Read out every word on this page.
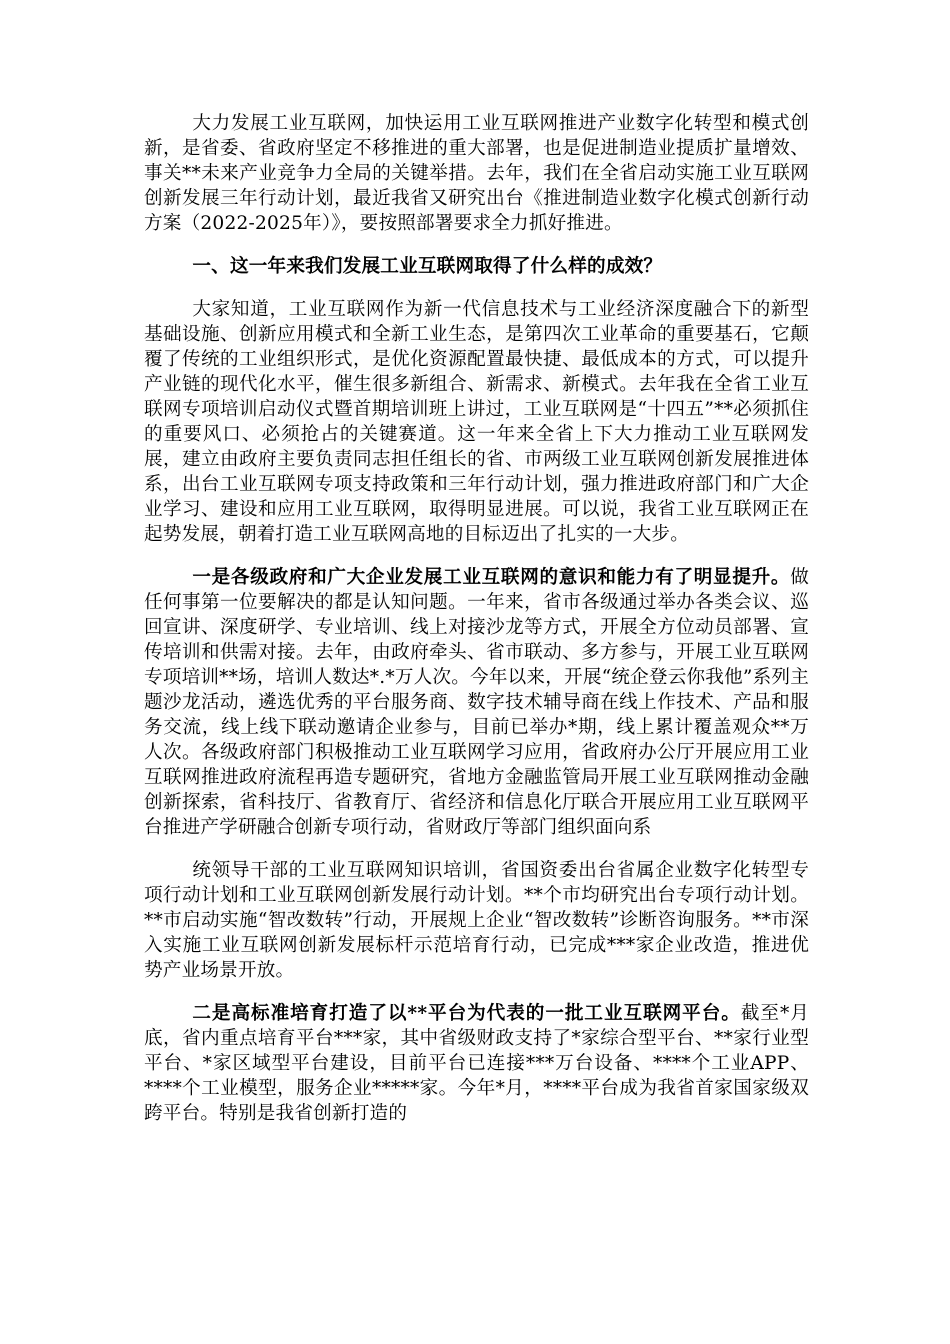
大力发展工业互联网，加快运用工业互联网推进产业数字化转型和模式创新，是省委、省政府坚定不移推进的重大部署，也是促进制造业提质扩量增效、事关**未来产业竞争力全局的关键举措。去年，我们在全省启动实施工业互联网创新发展三年行动计划，最近我省又研究出台《推进制造业数字化模式创新行动方案（2022-2025年）》，要按照部署要求全力抓好推进。

一、这一年来我们发展工业互联网取得了什么样的成效？

大家知道，工业互联网作为新一代信息技术与工业经济深度融合下的新型基础设施、创新应用模式和全新工业生态，是第四次工业革命的重要基石，它颠覆了传统的工业组织形式，是优化资源配置最快捷、最低成本的方式，可以提升产业链的现代化水平，催生很多新组合、新需求、新模式。去年我在全省工业互联网专项培训启动仪式暨首期培训班上讲过，工业互联网是“十四五”**必须抓住的重要风口、必须抢占的关键赛道。这一年来全省上下大力推动工业互联网发展，建立由政府主要负责同志担任组长的省、市两级工业互联网创新发展推进体系，出台工业互联网专项支持政策和三年行动计划，强力推进政府部门和广大企业学习、建设和应用工业互联网，取得明显进展。可以说，我省工业互联网正在起势发展，朝着打造工业互联网高地的目标迈出了扎实的一大步。

一是各级政府和广大企业发展工业互联网的意识和能力有了明显提升。做任何事第一位要解决的都是认知问题。一年来，省市各级通过举办各类会议、巡回宣讲、深度研学、专业培训、线上对接沙龙等方式，开展全方位动员部署、宣传培训和供需对接。去年，由政府牵头、省市联动、多方参与，开展工业互联网专项培训**场，培训人数达*.*万人次。今年以来，开展“统企登云你我他”系列主题沙龙活动，遴选优秀的平台服务商、数字技术辅导商在线上作技术、产品和服务交流，线上线下联动邀请企业参与，目前已举办*期，线上累计覆盖观众**万人次。各级政府部门积极推动工业互联网学习应用，省政府办公厅开展应用工业互联网推进政府流程再造专题研究，省地方金融监管局开展工业互联网推动金融创新探索，省科技厅、省教育厅、省经济和信息化厅联合开展应用工业互联网平台推进产学研融合创新专项行动，省财政厅等部门组织面向系

统领导干部的工业互联网知识培训，省国资委出台省属企业数字化转型专项行动计划和工业互联网创新发展行动计划。**个市均研究出台专项行动计划。**市启动实施“智改数转”行动，开展规上企业“智改数转”诊断咨询服务。**市深入实施工业互联网创新发展标杆示范培育行动，已完成***家企业改造，推进优势产业场景开放。

二是高标准培育打造了以**平台为代表的一批工业互联网平台。截至*月底，省内重点培育平台***家，其中省级财政支持了*家综合型平台、**家行业型平台、*家区域型平台建设，目前平台已连接***万台设备、****个工业APP、****个工业模型，服务企业*****家。今年*月，****平台成为我省首家国家级双跨平台。特别是我省创新打造的
